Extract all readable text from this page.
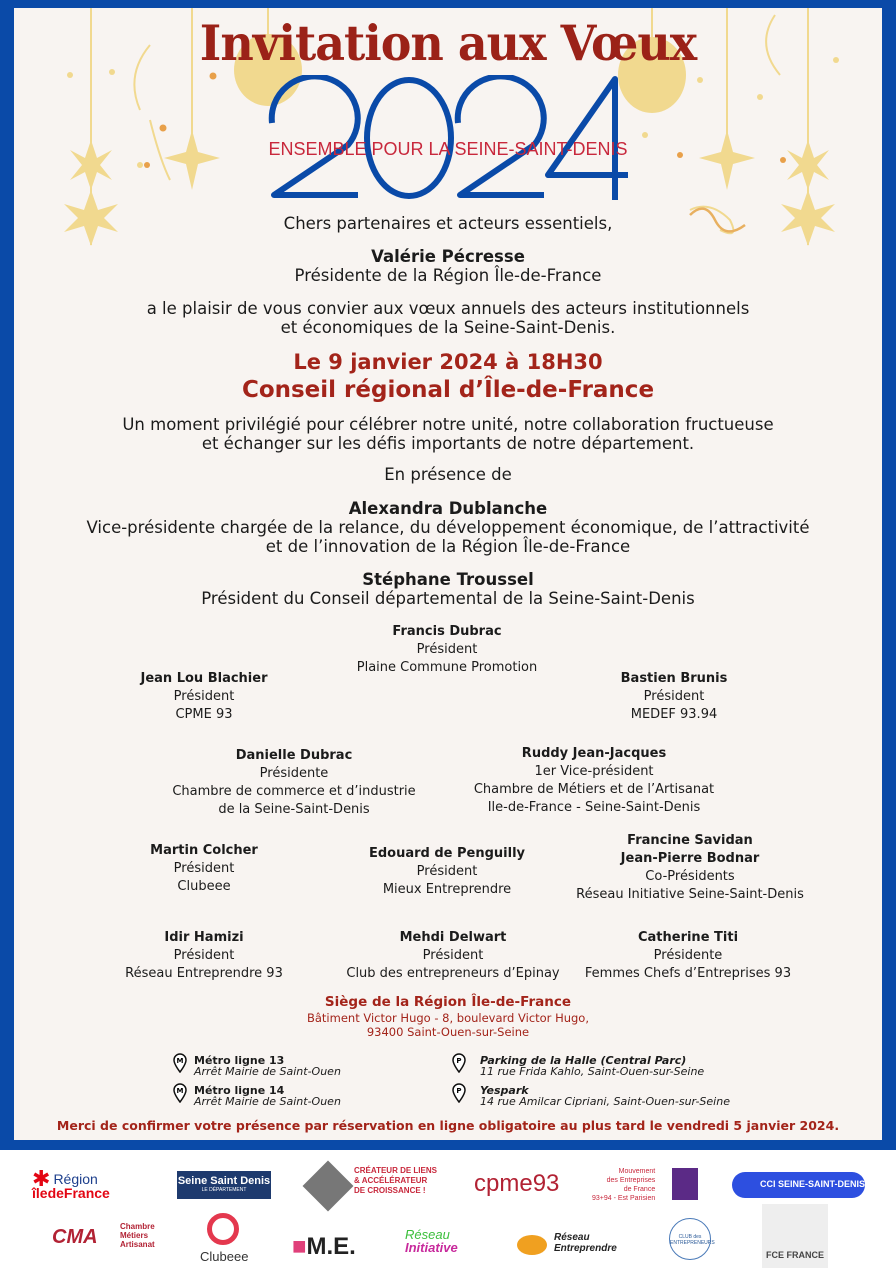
Invitation aux Vœux
ENSEMBLE POUR LA SEINE-SAINT-DENIS
Chers partenaires et acteurs essentiels,
Valérie Pécresse
Présidente de la Région Île-de-France
a le plaisir de vous convier aux vœux annuels des acteurs institutionnels
et économiques de la Seine-Saint-Denis.
Le 9 janvier 2024 à 18H30
Conseil régional d’Île-de-France
Un moment privilégié pour célébrer notre unité, notre collaboration fructueuse
et échanger sur les défis importants de notre département.
En présence de
Alexandra Dublanche
Vice-présidente chargée de la relance, du développement économique, de l’attractivité
et de l’innovation de la Région Île-de-France
Stéphane Troussel
Président du Conseil départemental de la Seine-Saint-Denis
Francis Dubrac
Président
Plaine Commune Promotion
Jean Lou Blachier
Président
CPME 93
Bastien Brunis
Président
MEDEF 93.94
Danielle Dubrac
Présidente
Chambre de commerce et d’industrie
de la Seine-Saint-Denis
Ruddy Jean-Jacques
1er Vice-président
Chambre de Métiers et de l’Artisanat
Ile-de-France - Seine-Saint-Denis
Martin Colcher
Président
Clubeee
Edouard de Penguilly
Président
Mieux Entreprendre
Francine Savidan
Jean-Pierre Bodnar
Co-Présidents
Réseau Initiative Seine-Saint-Denis
Idir Hamizi
Président
Réseau Entreprendre 93
Mehdi Delwart
Président
Club des entrepreneurs d’Epinay
Catherine Titi
Présidente
Femmes Chefs d’Entreprises 93
Siège de la Région Île-de-France
Bâtiment Victor Hugo - 8, boulevard Victor Hugo,
93400 Saint-Ouen-sur-Seine
M Métro ligne 13
Arrêt Mairie de Saint-Ouen
M Métro ligne 14
Arrêt Mairie de Saint-Ouen
P Parking de la Halle (Central Parc)
11 rue Frida Kahlo, Saint-Ouen-sur-Seine
P Yespark
14 rue Amilcar Cipriani, Saint-Ouen-sur-Seine
Merci de confirmer votre présence par réservation en ligne obligatoire au plus tard le vendredi 5 janvier 2024.
✱ Région
îledeFrance
Seine Saint Denis
LE DÉPARTEMENT
CRÉATEUR DE LIENS
& ACCÉLÉRATEUR
DE CROISSANCE !	cpme93	Mouvement
des Entreprises
de France
93+94 - Est Parisien
CCI SEINE-SAINT-DENIS
CMA	Chambre
Métiers
Artisanat
Clubeee ■M.E.	Réseau
Initiative
Réseau
Entreprendre
CLUB des
ENTREPRENEURS
FCE FRANCE
